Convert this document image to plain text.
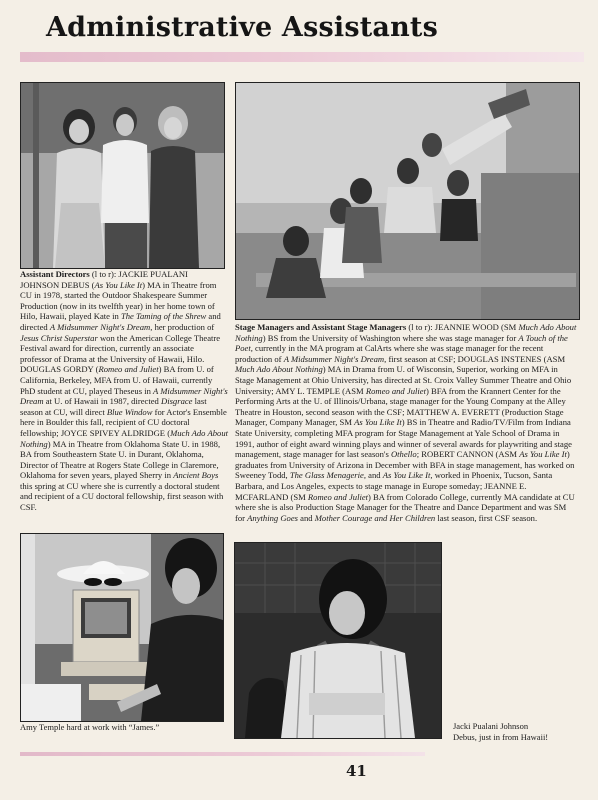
Administrative Assistants
Assistant Directors (l to r): JACKIE PUALANI JOHNSON DEBUS (As You Like It) MA in Theatre from CU in 1978, started the Outdoor Shakespeare Summer Production (now in its twelfth year) in her home town of Hilo, Hawaii, played Kate in The Taming of the Shrew and directed A Midsummer Night's Dream, her production of Jesus Christ Superstar won the American College Theatre Festival award for direction, currently an associate professor of Drama at the University of Hawaii, Hilo. DOUGLAS GORDY (Romeo and Juliet) BA from U. of California, Berkeley, MFA from U. of Hawaii, currently PhD student at CU, played Theseus in A Midsummer Night's Dream at U. of Hawaii in 1987, directed Disgrace last season at CU, will direct Blue Window for Actor's Ensemble here in Boulder this fall, recipient of CU doctoral fellowship; JOYCE SPIVEY ALDRIDGE (Much Ado About Nothing) MA in Theatre from Oklahoma State U. in 1988, BA from Southeastern State U. in Durant, Oklahoma, Director of Theatre at Rogers State College in Claremore, Oklahoma for seven years, played Sherry in Ancient Boys this spring at CU where she is currently a doctoral student and recipient of a CU doctoral fellowship, first season with CSF.
Stage Managers and Assistant Stage Managers (l to r): JEANNIE WOOD (SM Much Ado About Nothing) BS from the University of Washington where she was stage manager for A Touch of the Poet, currently in the MA program at CalArts where she was stage manager for the recent production of A Midsummer Night's Dream, first season at CSF; DOUGLAS INSTENES (ASM Much Ado About Nothing) MA in Drama from U. of Wisconsin, Superior, working on MFA in Stage Management at Ohio University, has directed at St. Croix Valley Summer Theatre and Ohio University; AMY L. TEMPLE (ASM Romeo and Juliet) BFA from the Krannert Center for the Performing Arts at the U. of Illinois/Urbana, stage manager for the Young Company at the Alley Theatre in Houston, second season with the CSF; MATTHEW A. EVERETT (Production Stage Manager, Company Manager, SM As You Like It) BS in Theatre and Radio/TV/Film from Indiana State University, completing MFA program for Stage Management at Yale School of Drama in 1991, author of eight award winning plays and winner of several awards for playwriting and stage management, stage manager for last season's Othello; ROBERT CANNON (ASM As You Like It) graduates from University of Arizona in December with BFA in stage management, has worked on Sweeney Todd, The Glass Menagerie, and As You Like It, worked in Phoenix, Tucson, Santa Barbara, and Los Angeles, expects to stage manage in Europe someday; JEANNE E. MCFARLAND (SM Romeo and Juliet) BA from Colorado College, currently MA candidate at CU where she is also Production Stage Manager for the Theatre and Dance Department and was SM for Anything Goes and Mother Courage and Her Children last season, first CSF season.
Amy Temple hard at work with “James.”	Jacki Pualani Johnson
Debus, just in from Hawaii!
41
